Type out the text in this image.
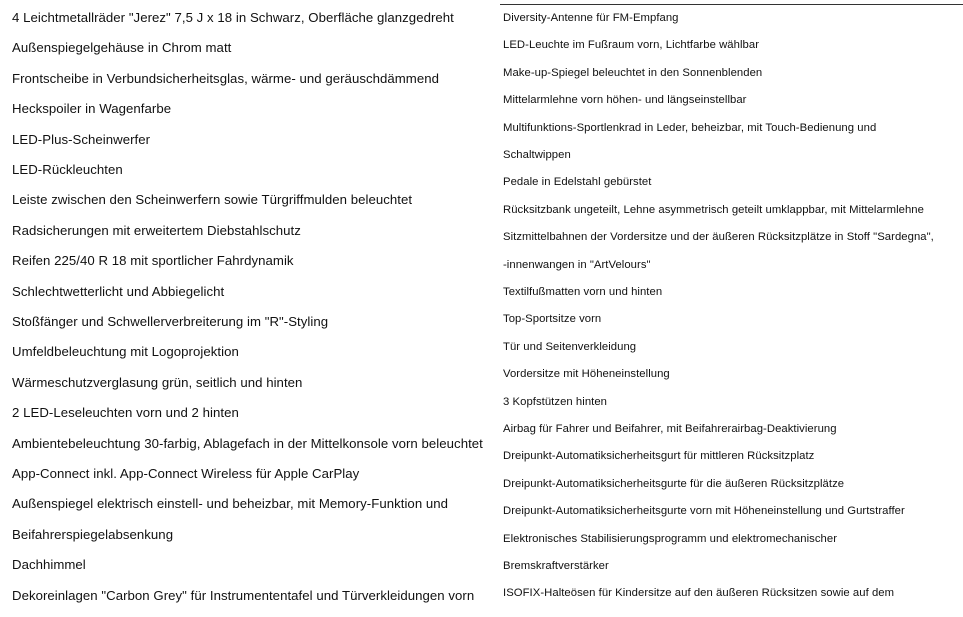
4 Leichtmetallräder "Jerez" 7,5 J x 18 in Schwarz, Oberfläche glanzgedreht
Außenspiegelgehäuse in Chrom matt
Frontscheibe in Verbundsicherheitsglas, wärme- und geräuschdämmend
Heckspoiler in Wagenfarbe
LED-Plus-Scheinwerfer
LED-Rückleuchten
Leiste zwischen den Scheinwerfern sowie Türgriffmulden beleuchtet
Radsicherungen mit erweitertem Diebstahlschutz
Reifen 225/40 R 18 mit sportlicher Fahrdynamik
Schlechtwetterlicht und Abbiegelicht
Stoßfänger und Schwellerverbreiterung im "R"-Styling
Umfeldbeleuchtung mit Logoprojektion
Wärmeschutzverglasung grün, seitlich und hinten
2 LED-Leseleuchten vorn und 2 hinten
Ambientebeleuchtung 30-farbig, Ablagefach in der Mittelkonsole vorn beleuchtet
App-Connect inkl. App-Connect Wireless für Apple CarPlay
Außenspiegel elektrisch einstell- und beheizbar, mit Memory-Funktion und
Beifahrerspiegelabsenkung
Dachhimmel
Dekoreinlagen "Carbon Grey" für Instrumententafel und Türverkleidungen vorn
Diversity-Antenne für FM-Empfang
LED-Leuchte im Fußraum vorn, Lichtfarbe wählbar
Make-up-Spiegel beleuchtet in den Sonnenblenden
Mittelarmlehne vorn höhen- und längseinstellbar
Multifunktions-Sportlenkrad in Leder, beheizbar, mit Touch-Bedienung und
Schaltwippen
Pedale in Edelstahl gebürstet
Rücksitzbank ungeteilt, Lehne asymmetrisch geteilt umklappbar, mit Mittelarmlehne
Sitzmittelbahnen der Vordersitze und der äußeren Rücksitzplätze in Stoff "Sardegna",
-innenwangen in "ArtVelours"
Textilfußmatten vorn und hinten
Top-Sportsitze vorn
Tür und Seitenverkleidung
Vordersitze mit Höheneinstellung
3 Kopfstützen hinten
Airbag für Fahrer und Beifahrer, mit Beifahrerairbag-Deaktivierung
Dreipunkt-Automatiksicherheitsgurt für mittleren Rücksitzplatz
Dreipunkt-Automatiksicherheitsgurte für die äußeren Rücksitzplätze
Dreipunkt-Automatiksicherheitsgurte vorn mit Höheneinstellung und Gurtstraffer
Elektronisches Stabilisierungsprogramm und elektromechanischer
Bremskraftverstärker
ISOFIX-Halteösen für Kindersitze auf den äußeren Rücksitzen sowie auf dem
